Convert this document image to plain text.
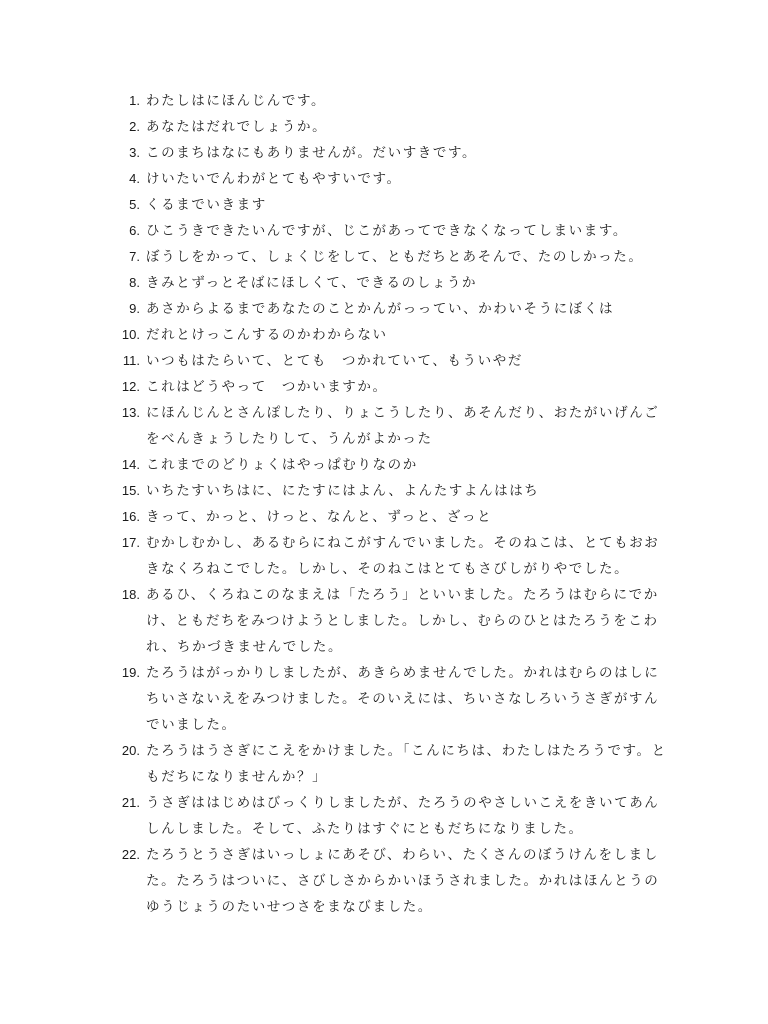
1. わたしはにほんじんです。
2. あなたはだれでしょうか。
3. このまちはなにもありませんが。だいすきです。
4. けいたいでんわがとてもやすいです。
5. くるまでいきます
6. ひこうきできたいんですが、じこがあってできなくなってしまいます。
7. ぼうしをかって、しょくじをして、ともだちとあそんで、たのしかった。
8. きみとずっとそばにほしくて、できるのしょうか
9. あさからよるまであなたのことかんがっってい、かわいそうにぼくは
10. だれとけっこんするのかわからない
11. いつもはたらいて、とても　つかれていて、もういやだ
12. これはどうやって　つかいますか。
13. にほんじんとさんぽしたり、りょこうしたり、あそんだり、おたがいげんごをべんきょうしたりして、うんがよかった
14. これまでのどりょくはやっぱむりなのか
15. いちたすいちはに、にたすにはよん、よんたすよんははち
16. きって、かっと、けっと、なんと、ずっと、ざっと
17. むかしむかし、あるむらにねこがすんでいました。そのねこは、とてもおおきなくろねこでした。しかし、そのねこはとてもさびしがりやでした。
18. あるひ、くろねこのなまえは「たろう」といいました。たろうはむらにでかけ、ともだちをみつけようとしました。しかし、むらのひとはたろうをこわれ、ちかづきませんでした。
19. たろうはがっかりしましたが、あきらめませんでした。かれはむらのはしにちいさないえをみつけました。そのいえには、ちいさなしろいうさぎがすんでいました。
20. たろうはうさぎにこえをかけました。「こんにちは、わたしはたろうです。ともだちになりませんか？」
21. うさぎははじめはびっくりしましたが、たろうのやさしいこえをきいてあんしんしました。そして、ふたりはすぐにともだちになりました。
22. たろうとうさぎはいっしょにあそび、わらい、たくさんのぼうけんをしました。たろうはついに、さびしさからかいほうされました。かれはほんとうのゆうじょうのたいせつさをまなびました。
